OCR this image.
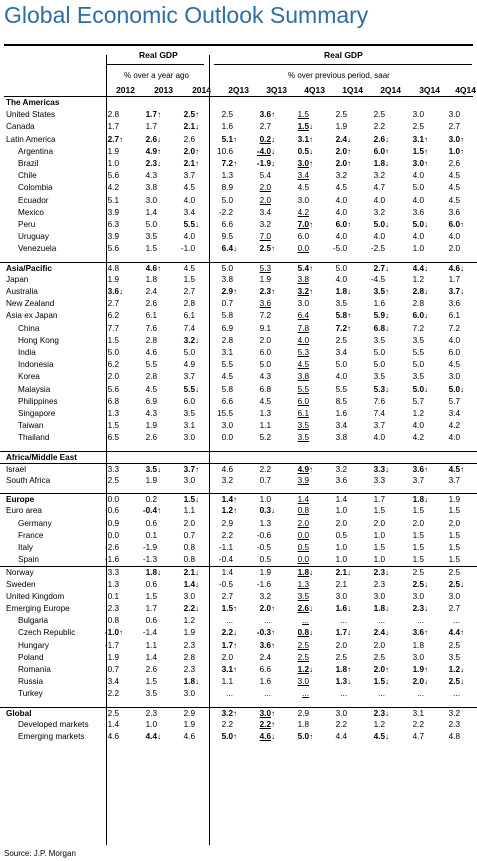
Global Economic Outlook Summary
Real GDP
% over a year ago
Real GDP
% over previous period, saar
2012	2013	2014	2Q13	3Q13	4Q13	1Q14	2Q14	3Q14	4Q14
The Americas
United States	2.8	1.7↑	2.5↑	2.5	3.6↑	1.5	2.5	2.5	3.0	3.0
Canada	1.7	1.7	2.1↓	1.6	2.7	1.5↓	1.9	2.2	2.5	2.7
Latin America	2.7↑	2.6↓	2.6	5.1↑	0.2↓	3.1↑	2.4↓	2.6↓	3.1↑	3.0↑
Argentina	1.9	4.9↑	2.0↑	10.6	-4.0↓	0.5↓	2.0↑	6.0↑	1.5↑	1.0↑
Brazil	1.0	2.3↓	2.1↑	7.2↑	-1.9↓	3.0↑	2.0↑	1.8↓	3.0↑	2.6
Chile	5.6	4.3	3.7	1.3	5.4	3.4	3.2	3.2	4.0	4.5
Colombia	4.2	3.8	4.5	8.9	2.0	4.5	4.5	4.7	5.0	4.5
Ecuador	5.1	3.0	4.0	5.0	2.0	3.0	4.0	4.0	4.0	4.5
Mexico	3.9	1.4	3.4	-2.2	3.4	4.2	4.0	3.2	3.6	3.6
Peru	6.3	5.0	5.5↓	6.6	3.2	7.0↑	6.0↑	5.0↓	5.0↓	6.0↑
Uruguay	3.9	3.5	4.0	9.5	7.0	6.0	4.0	4.0	4.0	4.0
Venezuela	5.6	1.5	-1.0	6.4↓	2.5↑	0.0	-5.0	-2.5	1.0	2.0
Asia/Pacific	4.8	4.6↑	4.5	5.0	5.3	5.4↑	5.0	2.7↓	4.4↓	4.6↓
Japan	1.9	1.8	1.5	3.8	1.9	3.8	4.0	-4.5	1.2	1.7
Australia	3.6↓	2.4	2.7	2.9↑	2.3↑	3.2↑	1.8↓	3.5↑	2.8↓	3.7↓
New Zealand	2.7	2.6	2.8	0.7	3.6	3.0	3.5	1.6	2.8	3.6
Asia ex Japan	6.2	6.1	6.1	5.8	7.2	6.4	5.8↑	5.9↓	6.0↓	6.1
China	7.7	7.6	7.4	6.9	9.1	7.8	7.2↑	6.8↓	7.2	7.2
Hong Kong	1.5	2.8	3.2↓	2.8	2.0	4.0	2.5	3.5	3.5	4.0
India	5.0	4.6	5.0	3.1	6.0	5.3	3.4	5.0	5.5	6.0
Indonesia	6.2	5.5	4.9	5.5	5.0	4.5	5.0	5.0	5.0	4.5
Korea	2.0	2.8	3.7	4.5	4.3	3.8	4.0	3.5	3.5	3.0
Malaysia	5.6	4.5	5.5↓	5.8	6.8	5.5	5.5	5.3↓	5.0↓	5.0↓
Philippines	6.8	6.9	6.0	6.6	4.5	6.0	8.5	7.6	5.7	5.7
Singapore	1.3	4.3	3.5	15.5	1.3	6.1	1.6	7.4	1.2	3.4
Taiwan	1.5	1.9	3.1	3.0	1.1	3.5	3.4	3.7	4.0	4.2
Thailand	6.5	2.6	3.0	0.0	5.2	3.5	3.8	4.0	4.2	4.0
Africa/Middle East
Israel	3.3	3.5↓	3.7↑	4.6	2.2	4.9↑	3.2	3.3↓	3.6↑	4.5↑
South Africa	2.5	1.9	3.0	3.2	0.7	3.9	3.6	3.3	3.7	3.7
Europe	0.0	0.2	1.5↓	1.4↑	1.0	1.4	1.4	1.7	1.8↓	1.9
Euro area	-0.6	-0.4↑	1.1	1.2↑	0.3↓	0.8	1.0	1.5	1.5	1.5
Germany	0.9	0.6	2.0	2.9	1.3	2.0	2.0	2.0	2.0	2.0
France	0.0	0.1	0.7	2.2	-0.6	0.0	0.5	1.0	1.5	1.5
Italy	-2.6	-1.9	0.8	-1.1	-0.5	0.5	1.0	1.5	1.5	1.5
Spain	-1.6	-1.3	0.8	-0.4	0.5	0.0	1.0	1.0	1.5	1.5
Norway	3.3	1.8↓	2.1↓	1.4	1.9	1.8↓	2.1↓	2.3↓	2.5	2.5
Sweden	1.3	0.6	1.4↓	-0.5	-1.6	1.3	2.1	2.3	2.5↓	2.5↓
United Kingdom	0.1	1.5	3.0	2.7	3.2	3.5	3.0	3.0	3.0	3.0
Emerging Europe	2.3	1.7	2.2↓	1.5↑	2.0↑	2.6↓	1.6↓	1.8↓	2.3↓	2.7
Bulgaria	0.8	0.6	1.2	...	...	...	...	...	...	...
Czech Republic	-1.0↑	-1.4	1.9	2.2↓	-0.3↑	0.8↓	1.7↓	2.4↓	3.6↑	4.4↑
Hungary	-1.7	1.1	2.3	1.7↑	3.6↑	2.5	2.0	2.0	1.8	2.5
Poland	1.9	1.4	2.8	2.0	2.4	2.5	2.5	2.5	3.0	3.5
Romania	0.7	2.6	2.3	3.1↑	6.6	1.2↓	1.8↑	2.0↑	1.9↑	1.2↓
Russia	3.4	1.5	1.8↓	1.1	1.6	3.0	1.3↓	1.5↓	2.0↓	2.5↓
Turkey	2.2	3.5	3.0	...	...	...	...	...	...	...
Global	2.5	2.3	2.9	3.2↑	3.0↑	2.9	3.0	2.3↓	3.1	3.2
Developed markets 1.4	1.0	1.9	2.2	2.2↑	1.8	2.2	1.2	2.2	2.3
Emerging markets	4.6	4.4↓	4.6	5.0↑	4.6↓	5.0↑	4.4	4.5↓	4.7	4.8
Source: J.P. Morgan
